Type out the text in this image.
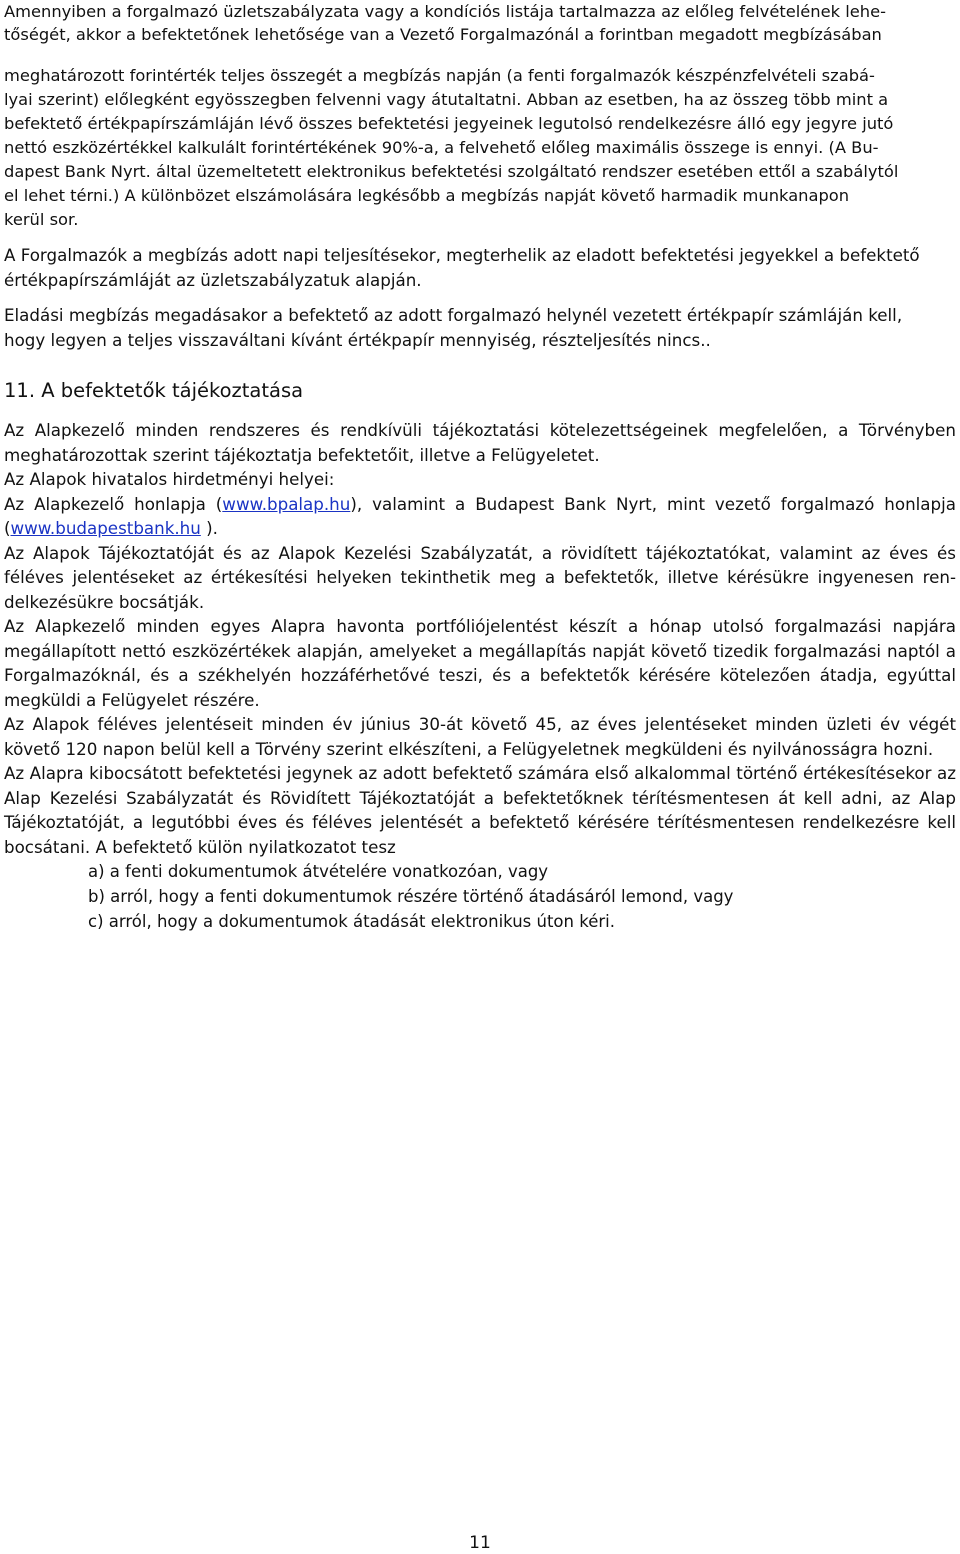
Amennyiben a forgalmazó üzletszabályzata vagy a kondíciós listája tartalmazza az előleg felvételének lehe-

tőségét, akkor a befektetőnek lehetősége van a Vezető Forgalmazónál a forintban megadott megbízásában

meghatározott forintérték teljes összegét a megbízás napján (a fenti forgalmazók készpénzfelvételi szabá-

lyai szerint) előlegként egyösszegben felvenni vagy átutaltatni. Abban az esetben, ha az összeg több mint a

befektető értékpapírszámláján lévő összes befektetési jegyeinek legutolsó rendelkezésre álló egy jegyre jutó

nettó eszközértékkel kalkulált forintértékének 90%-a, a felvehető előleg maximális összege is ennyi. (A Bu-

dapest Bank Nyrt. által üzemeltetett elektronikus befektetési szolgáltató rendszer esetében ettől a szabálytól

el lehet térni.) A különbözet elszámolására legkésőbb a megbízás napját követő harmadik munkanapon

kerül sor.

A Forgalmazók a megbízás adott napi teljesítésekor, megterhelik az eladott befektetési jegyekkel a befektető

értékpapírszámláját az üzletszabályzatuk alapján.

Eladási megbízás megadásakor a befektető az adott forgalmazó helynél vezetett értékpapír számláján kell,

hogy legyen a teljes visszaváltani kívánt értékpapír mennyiség, részteljesítés nincs..

11. A befektetők tájékoztatása

Az Alapkezelő minden rendszeres és rendkívüli tájékoztatási kötelezettségeinek megfelelően, a Törvényben meghatározottak szerint tájékoztatja befektetőit, illetve a Felügyeletet.

Az Alapok hivatalos hirdetményi helyei:

Az Alapkezelő honlapja (www.bpalap.hu), valamint a Budapest Bank Nyrt, mint vezető forgalmazó honlapja (www.budapestbank.hu ).

Az Alapok Tájékoztatóját és az Alapok Kezelési Szabályzatát, a rövidített tájékoztatókat, valamint az éves és féléves jelentéseket az értékesítési helyeken tekinthetik meg a befektetők, illetve kérésükre ingyenesen rendelkezésükre bocsátják.

Az Alapkezelő minden egyes Alapra havonta portfóliójelentést készít a hónap utolsó forgalmazási napjára megállapított nettó eszközértékek alapján, amelyeket a megállapítás napját követő tizedik forgalmazási naptól a Forgalmazóknál, és a székhelyén hozzáférhetővé teszi, és a befektetők kérésére kötelezően átadja, egyúttal megküldi a Felügyelet részére.

Az Alapok féléves jelentéseit minden év június 30-át követő 45, az éves jelentéseket minden üzleti év végét követő 120 napon belül kell a Törvény szerint elkészíteni, a Felügyeletnek megküldeni és nyilvánosságra hozni.

Az Alapra kibocsátott befektetési jegynek az adott befektető számára első alkalommal történő értékesítésekor az Alap Kezelési Szabályzatát és Rövidített Tájékoztatóját a befektetőknek térítésmentesen át kell adni, az Alap Tájékoztatóját, a legutóbbi éves és féléves jelentését a befektető kérésére térítésmentesen rendelkezésre kell bocsátani. A befektető külön nyilatkozatot tesz

a) a fenti dokumentumok átvételére vonatkozóan, vagy

b) arról, hogy a fenti dokumentumok részére történő átadásáról lemond, vagy

c) arról, hogy a dokumentumok átadását elektronikus úton kéri.

11
